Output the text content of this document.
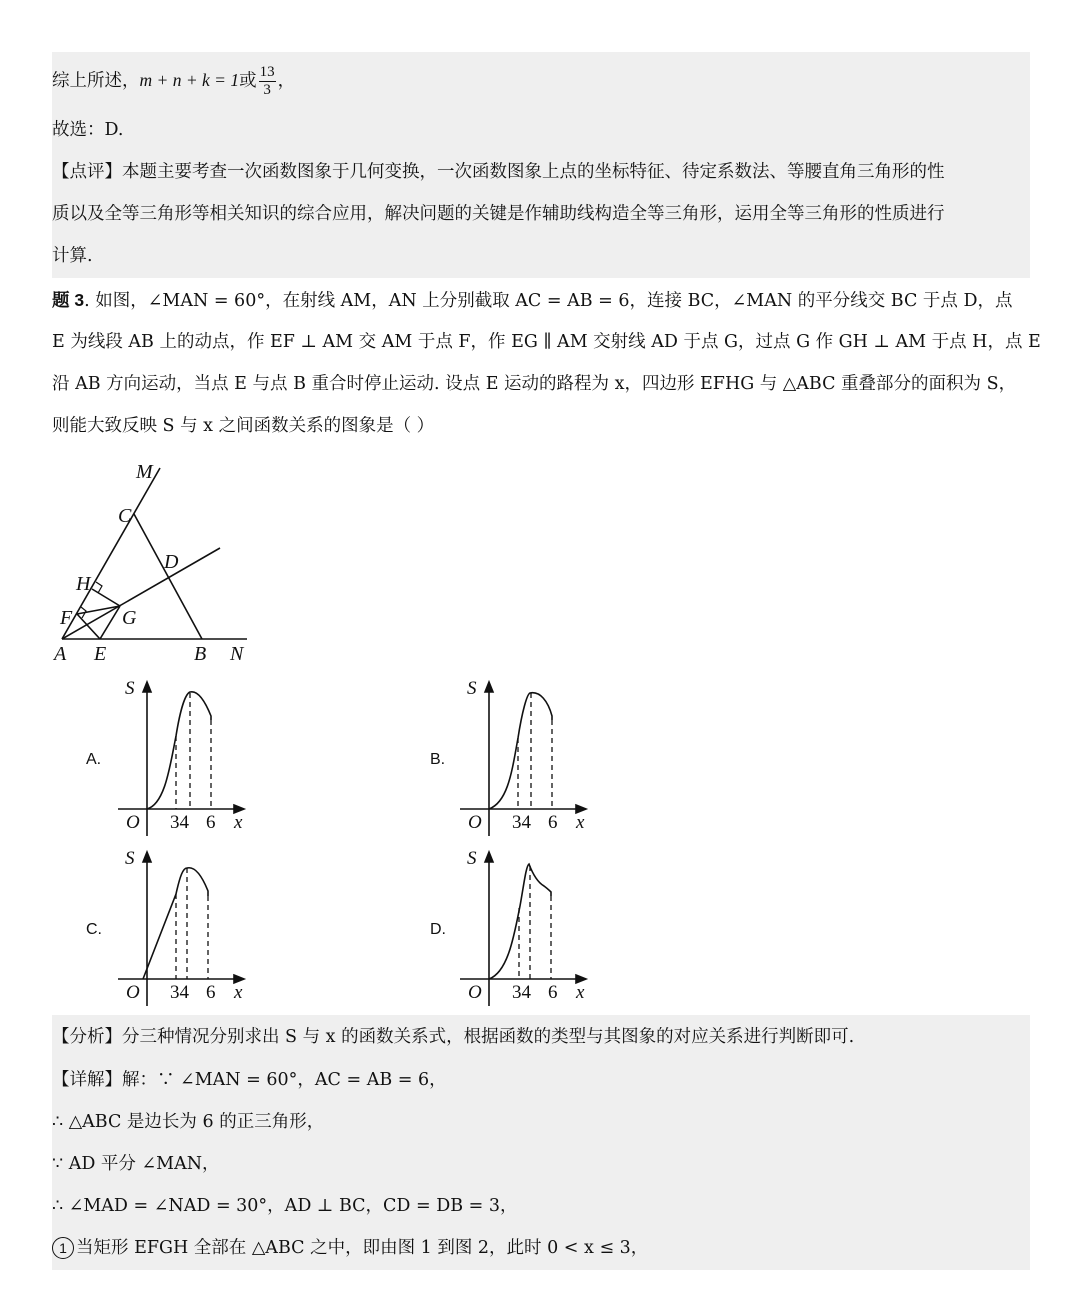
综上所述，m + n + k = 1或 $\frac{13}{3}$ ，
故选：D.
【点评】本题主要考查一次函数图象于几何变换，一次函数图象上点的坐标特征、待定系数法、等腰直角三角形的性
质以及全等三角形等相关知识的综合应用，解决问题的关键是作辅助线构造全等三角形，运用全等三角形的性质进行
计算.
题 3. 如图，∠MAN = 60°，在射线 AM，AN 上分别截取 AC = AB = 6，连接 BC，∠MAN 的平分线交 BC 于点 D，点
E 为线段 AB 上的动点，作 EF ⊥ AM 交 AM 于点 F，作 EG ∥ AM 交射线 AD 于点 G，过点 G 作 GH ⊥ AM 于点 H，点 E
沿 AB 方向运动，当点 E 与点 B 重合时停止运动. 设点 E 运动的路程为 x，四边形 EFHG 与 △ABC 重叠部分的面积为 S，
则能大致反映 S 与 x 之间函数关系的图象是（ ）
M
C
D
H
F G
A E	B N
A.	B.
C.	D.
S
O 34 6 x
S
O 34 6 x
S
O 34 6 x
S
O 34 6 x
【分析】分三种情况分别求出 S 与 x 的函数关系式，根据函数的类型与其图象的对应关系进行判断即可.
【详解】解：∵ ∠MAN = 60°，AC = AB = 6，
∴ △ABC 是边长为 6 的正三角形，
∵ AD 平分 ∠MAN，
∴ ∠MAD = ∠NAD = 30°，AD ⊥ BC，CD = DB = 3，
1 当矩形 EFGH 全部在 △ABC 之中，即由图 1 到图 2，此时 0 < x ≤ 3，
